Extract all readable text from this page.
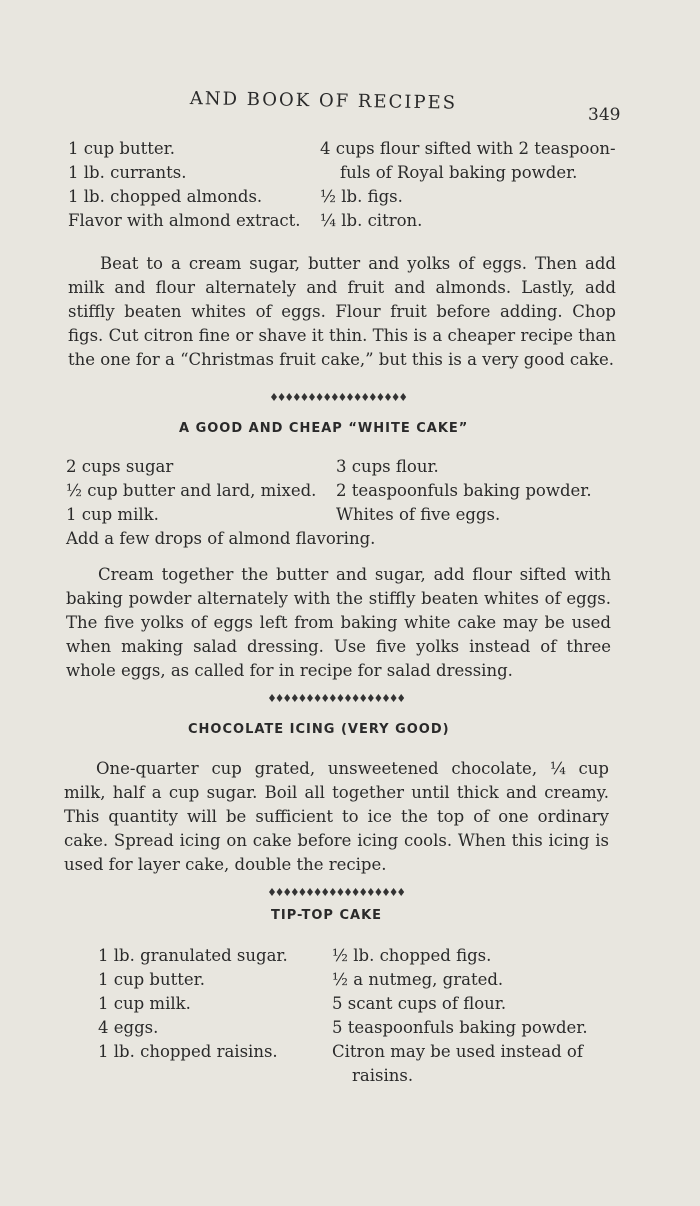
AND BOOK OF RECIPES
349
1 cup butter.
1 lb. currants.
1 lb. chopped almonds.
Flavor with almond extract.
4 cups flour sifted with 2 teaspoon-
fuls of Royal baking powder.
½ lb. figs.
¼ lb. citron.

Beat to a cream sugar, butter and yolks of eggs. Then add milk and flour alternately and fruit and almonds. Lastly, add stiffly beaten whites of eggs. Flour fruit before adding. Chop figs. Cut citron fine or shave it thin. This is a cheaper recipe than the one for a “Christmas fruit cake,” but this is a very good cake.

A GOOD AND CHEAP “WHITE CAKE”
2 cups sugar
½ cup butter and lard, mixed.
1 cup milk.
3 cups flour.
2 teaspoonfuls baking powder.
Whites of five eggs.
Add a few drops of almond flavoring.

Cream together the butter and sugar, add flour sifted with baking powder alternately with the stiffly beaten whites of eggs. The five yolks of eggs left from baking white cake may be used when making salad dressing. Use five yolks instead of three whole eggs, as called for in recipe for salad dressing.

CHOCOLATE ICING (VERY GOOD)

One-quarter cup grated, unsweetened chocolate, ¼ cup milk, half a cup sugar. Boil all together until thick and creamy. This quantity will be sufficient to ice the top of one ordinary cake. Spread icing on cake before icing cools. When this icing is used for layer cake, double the recipe.

TIP-TOP CAKE
1 lb. granulated sugar.
1 cup butter.
1 cup milk.
4 eggs.
1 lb. chopped raisins.
½ lb. chopped figs.
½ a nutmeg, grated.
5 scant cups of flour.
5 teaspoonfuls baking powder.
Citron may be used instead of
raisins.
